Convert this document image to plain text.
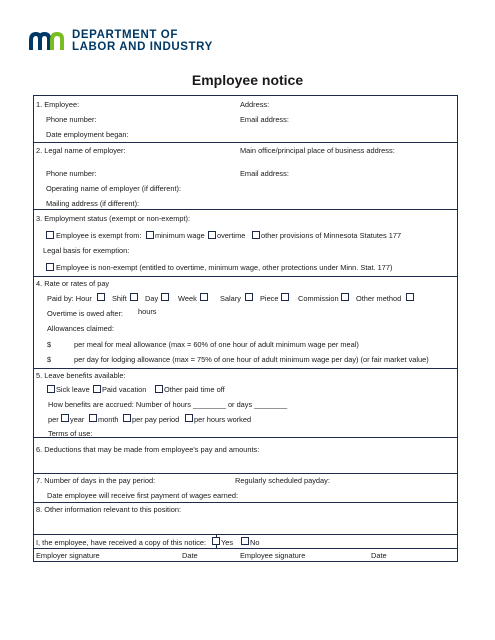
DEPARTMENT OF
LABOR AND INDUSTRY
Employee notice
1. Employee:	Address:
Phone number:	Email address:
Date employment began:
2. Legal name of employer:	Main office/principal place of business address:
Phone number:	Email address:
Operating name of employer (if different):
Mailing address (if different):
3. Employment status (exempt or non-exempt):
Employee is exempt from: minimum wage overtime other provisions of Minnesota Statutes 177
Legal basis for exemption:
Employee is non-exempt (entitled to overtime, minimum wage, other protections under Minn. Stat. 177)
4. Rate or rates of pay
Paid by: Hour	Shift Day	Week	Salary	Piece	Commission Other method
Overtime is owed after: hours
Allowances claimed:
$	per meal for meal allowance (max = 60% of one hour of adult minimum wage per meal)
$	per day for lodging allowance (max = 75% of one hour of adult minimum wage per day) (or fair market value)
5. Leave benefits available:
Sick leave Paid vacation Other paid time off
How benefits are accrued: Number of hours ________ or days ________
per year month per pay period per hours worked
Terms of use:
6. Deductions that may be made from employee's pay and amounts:
7. Number of days in the pay period:	Regularly scheduled payday:
Date employee will receive first payment of wages earned:
8. Other information relevant to this position:
I, the employee, have received a copy of this notice: Yes No
Employer signature	Date	Employee signature	Date
